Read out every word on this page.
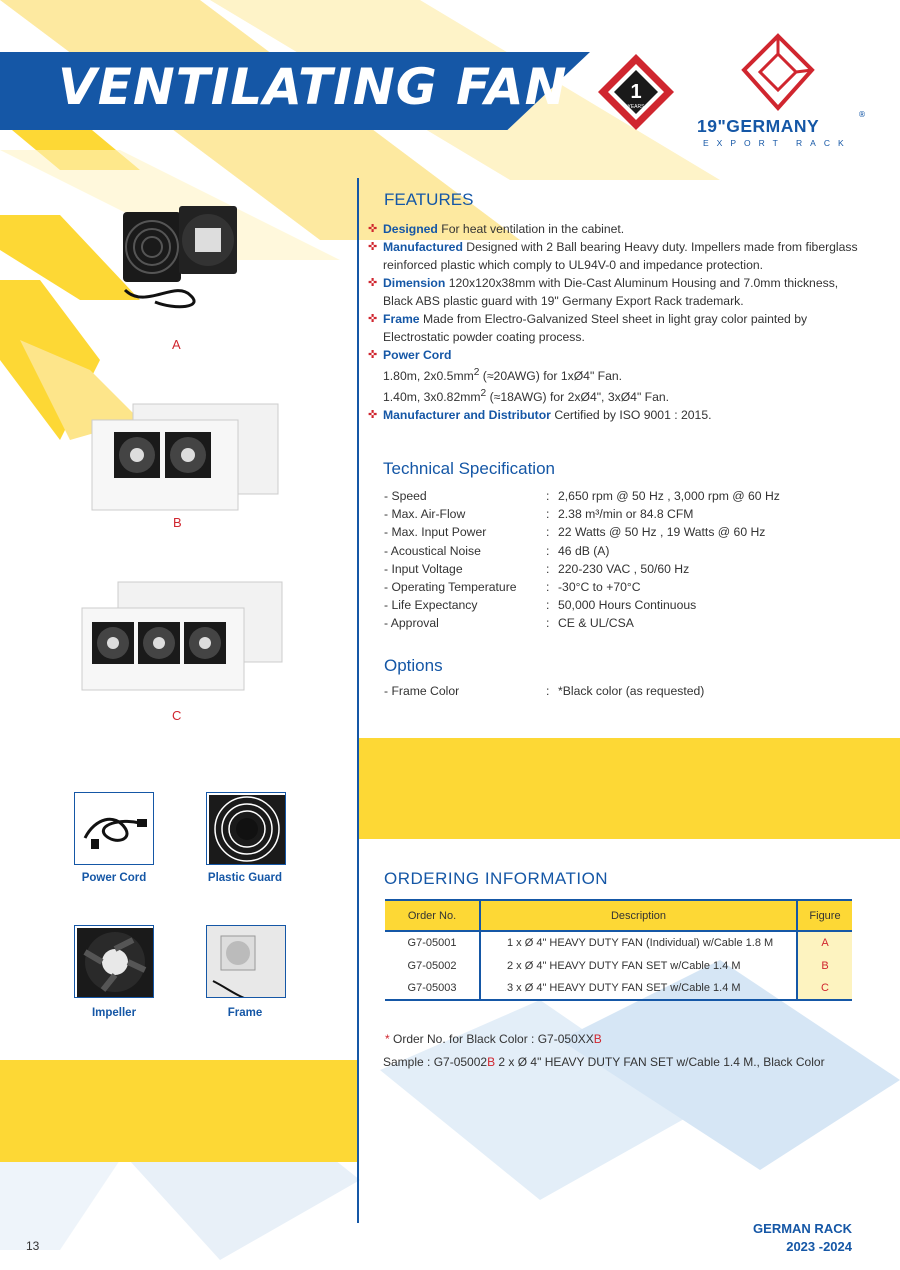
VENTILATING FAN	1
YEARS
19"GERMANY
®
EXPORT RACK
A
B
C
Power Cord	Plastic Guard
Impeller	Frame
FEATURES
✜ Designed For heat ventilation in the cabinet.
✜ Manufactured Designed with 2 Ball bearing Heavy duty. Impellers made from fiberglass reinforced plastic which comply to UL94V-0 and impedance protection.
✜ Dimension 120x120x38mm with Die-Cast Aluminum Housing and 7.0mm thickness, Black ABS plastic guard with 19" Germany Export Rack trademark.
✜ Frame Made from Electro-Galvanized Steel sheet in light gray color painted by Electrostatic powder coating process.
✜ Power Cord
1.80m, $2x0.5mm^2$ (≈20AWG) for 1xØ4" Fan.
1.40m, $3x0.82mm^2$ (≈18AWG) for 2xØ4", 3xØ4" Fan.
✜ Manufacturer and Distributor Certified by ISO 9001 : 2015.
Technical Specification
- Speed	: 2,650 rpm @ 50 Hz , 3,000 rpm @ 60 Hz
- Max. Air-Flow	: 2.38 m³/min or 84.8 CFM
- Max. Input Power	: 22 Watts @ 50 Hz , 19 Watts @ 60 Hz
- Acoustical Noise	: 46 dB (A)
- Input Voltage	: 220-230 VAC , 50/60 Hz
- Operating Temperature : -30°C to +70°C
- Life Expectancy	: 50,000 Hours Continuous
- Approval	: CE & UL/CSA
Options
- Frame Color	: *Black color (as requested)
ORDERING INFORMATION
Order No.	Description	Figure
G7-05001	1 x Ø 4" HEAVY DUTY FAN (Individual) w/Cable 1.8 M	A
G7-05002	2 x Ø 4" HEAVY DUTY FAN SET w/Cable 1.4 M	B
G7-05003	3 x Ø 4" HEAVY DUTY FAN SET w/Cable 1.4 M	C
* Order No. for Black Color : G7-050XXB
Sample : G7-05002B 2 x Ø 4" HEAVY DUTY FAN SET w/Cable 1.4 M., Black Color
13
GERMAN RACK
2023 -2024
